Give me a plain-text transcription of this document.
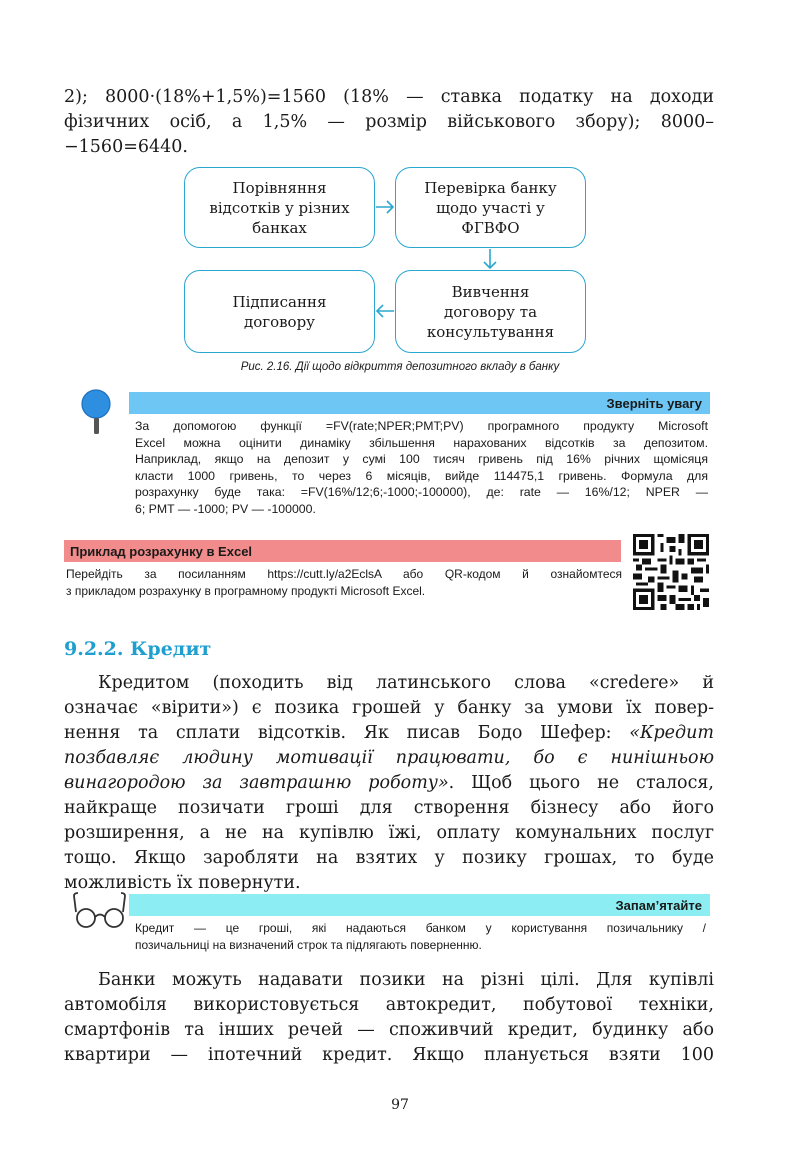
2); 8000·(18%+1,5%)=1560 (18% — ставка податку на доходи
фізичних осіб, а 1,5% — розмір військового збору); 8000–
−1560=6440.
Порівняння
відсотків у різних
банках
Перевірка банку
щодо участі у
ФГВФО
Підписання
договору
Вивчення
договору та
консультування
Рис. 2.16. Дії щодо відкриття депозитного вкладу в банку
Зверніть увагу
За допомогою функції =FV(rate;NPER;PMT;PV) програмного продукту Microsoft
Excel можна оцінити динаміку збільшення нарахованих відсотків за депозитом.
Наприклад, якщо на депозит у сумі 100 тисяч гривень під 16% річних щомісяця
класти 1000 гривень, то через 6 місяців, вийде 114475,1 гривень. Формула для
розрахунку буде така: =FV(16%/12;6;-1000;-100000), де: rate — 16%/12; NPER —
6; PMT — -1000; PV — -100000.
Приклад розрахунку в Excel
Перейдіть за посиланням https://cutt.ly/a2EclsA або QR-кодом й ознайомтеся
з прикладом розрахунку в програмному продукті Microsoft Excel.
9.2.2. Кредит
Кредитом (походить від латинського слова «credere» й
означає «вірити») є позика грошей у банку за умови їх повер-
нення та сплати відсотків. Як писав Бодо Шефер: «Кредит
позбавляє людину мотивації працювати, бо є нинішньою
винагородою за завтрашню роботу». Щоб цього не сталося,
найкраще позичати гроші для створення бізнесу або його
розширення, а не на купівлю їжі, оплату комунальних послуг
тощо. Якщо заробляти на взятих у позику грошах, то буде
можливість їх повернути.
Запам’ятайте
Кредит — це гроші, які надаються банком у користування позичальнику /
позичальниці на визначений строк та підлягають поверненню.
Банки можуть надавати позики на різні цілі. Для купівлі
автомобіля використовується автокредит, побутової техніки,
смартфонів та інших речей — споживчий кредит, будинку або
квартири — іпотечний кредит. Якщо планується взяти 100
97
